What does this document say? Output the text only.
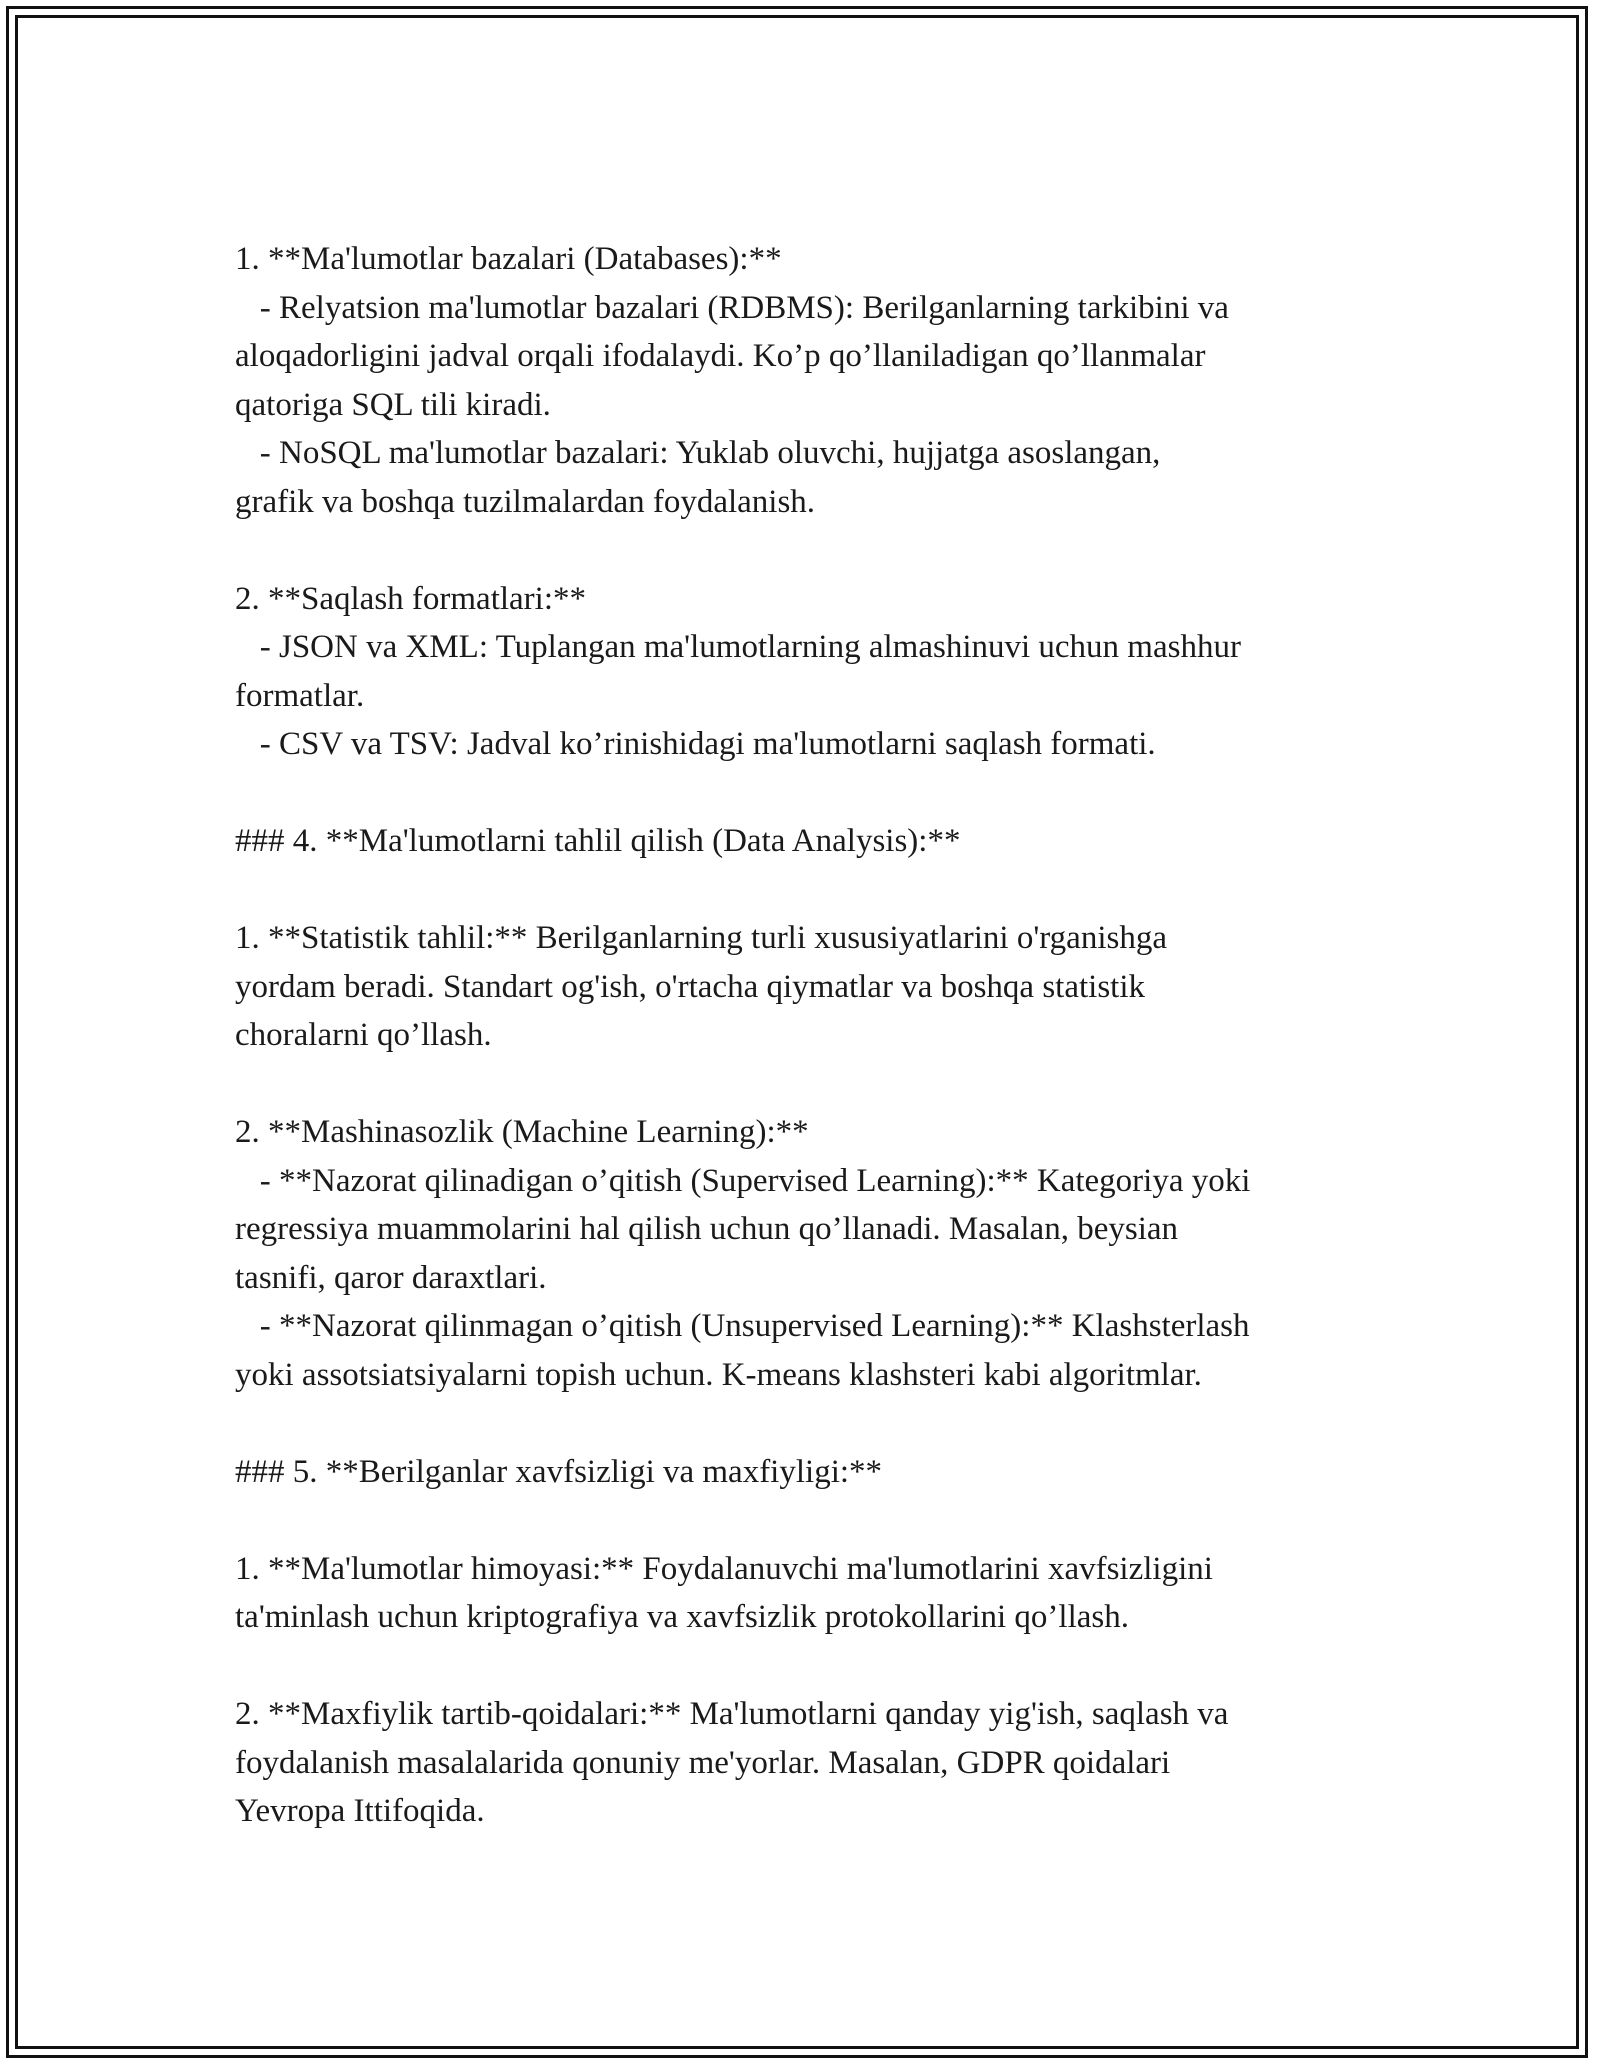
1. **Ma'lumotlar bazalari (Databases):**
- Relyatsion ma'lumotlar bazalari (RDBMS): Berilganlarning tarkibini va
aloqadorligini jadval orqali ifodalaydi. Ko’p qo’llaniladigan qo’llanmalar
qatoriga SQL tili kiradi.
- NoSQL ma'lumotlar bazalari: Yuklab oluvchi, hujjatga asoslangan,
grafik va boshqa tuzilmalardan foydalanish.
2. **Saqlash formatlari:**
- JSON va XML: Tuplangan ma'lumotlarning almashinuvi uchun mashhur
formatlar.
- CSV va TSV: Jadval ko’rinishidagi ma'lumotlarni saqlash formati.
### 4. **Ma'lumotlarni tahlil qilish (Data Analysis):**
1. **Statistik tahlil:** Berilganlarning turli xususiyatlarini o'rganishga
yordam beradi. Standart og'ish, o'rtacha qiymatlar va boshqa statistik
choralarni qo’llash.
2. **Mashinasozlik (Machine Learning):**
- **Nazorat qilinadigan o’qitish (Supervised Learning):** Kategoriya yoki
regressiya muammolarini hal qilish uchun qo’llanadi. Masalan, beysian
tasnifi, qaror daraxtlari.
- **Nazorat qilinmagan o’qitish (Unsupervised Learning):** Klashsterlash
yoki assotsiatsiyalarni topish uchun. K-means klashsteri kabi algoritmlar.
### 5. **Berilganlar xavfsizligi va maxfiyligi:**
1. **Ma'lumotlar himoyasi:** Foydalanuvchi ma'lumotlarini xavfsizligini
ta'minlash uchun kriptografiya va xavfsizlik protokollarini qo’llash.
2. **Maxfiylik tartib-qoidalari:** Ma'lumotlarni qanday yig'ish, saqlash va
foydalanish masalalarida qonuniy me'yorlar. Masalan, GDPR qoidalari
Yevropa Ittifoqida.
